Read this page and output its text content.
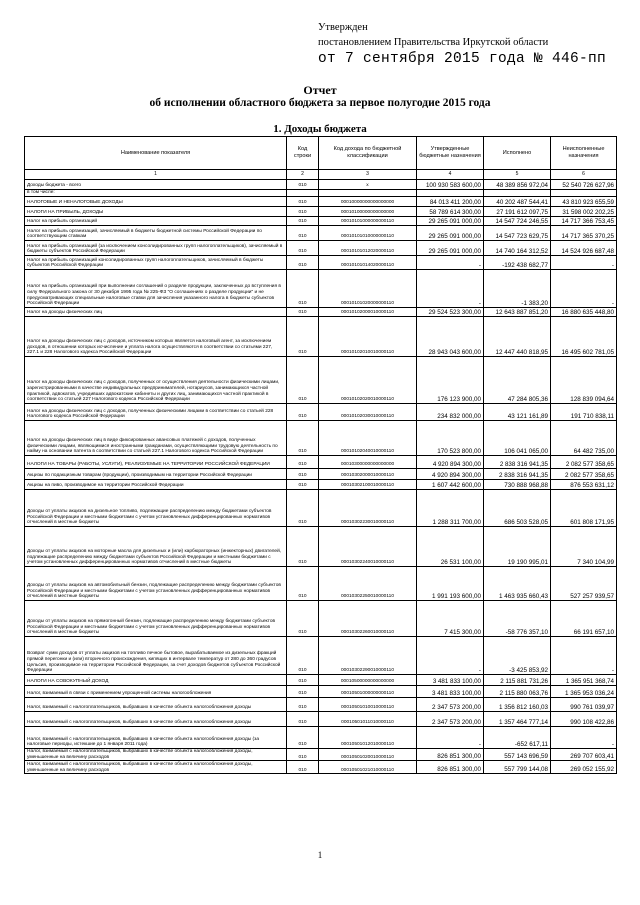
Утвержден
постановлением Правительства Иркутской области
от 7 сентября 2015 года № 446-пп
Отчет
об исполнении областного бюджета за первое полугодие 2015 года
1. Доходы бюджета
Наименование показателя	Код строки	Код дохода по бюджетной классификации	Утвержденные бюджетные назначения	Исполнено	Неисполненные назначения
1	2	3	4	5	6
Доходы бюджета - всего	010	x	100 930 583 600,00	48 389 856 972,04	52 540 726 627,96
в том числе:					
НАЛОГОВЫЕ И НЕНАЛОГОВЫЕ ДОХОДЫ	010	00010000000000000000	84 013 411 200,00	40 202 487 544,41	43 810 923 655,59
НАЛОГИ НА ПРИБЫЛЬ, ДОХОДЫ	010	00010100000000000000	58 789 614 300,00	27 191 612 097,75	31 598 002 202,25
Налог на прибыль организаций	010	00010101000000000110	29 265 091 000,00	14 547 724 246,55	14 717 366 753,45
Налог на прибыль организаций, зачисляемый в бюджеты бюджетной системы Российской Федерации по соответствующим ставкам	010	00010101010000000110	29 265 091 000,00	14 547 723 629,75	14 717 365 370,25
Налог на прибыль организаций (за исключением консолидированных групп налогоплательщиков), зачисляемый в бюджеты субъектов Российской Федерации	010	00010101012020000110	29 265 091 000,00	14 740 164 312,52	14 524 926 687,48
Налог на прибыль организаций консолидированных групп налогоплательщиков, зачисляемый в бюджеты субъектов Российской Федерации	010	00010101014020000110	-	-192 438 682,77	-
Налог на прибыль организаций при выполнении соглашений о разделе продукции, заключенных до вступления в силу Федерального закона от 30 декабря 1995 года № 225-ФЗ "О соглашениях о разделе продукции" и не предусматривающих специальные налоговые ставки для зачисления указанного налога в бюджеты субъектов Российской Федерации	010	00010101020000000110	-	-1 383,20	-
Налог на доходы физических лиц	010	00010102000010000110	29 524 523 300,00	12 643 887 851,20	16 880 635 448,80
Налог на доходы физических лиц с доходов, источником которых является налоговый агент, за исключением доходов, в отношении которых исчисление и уплата налога осуществляются в соответствии со статьями 227, 227.1 и 228 Налогового кодекса Российской Федерации	010	00010102010010000110	28 943 043 600,00	12 447 440 818,95	16 495 602 781,05
Налог на доходы физических лиц с доходов, полученных от осуществления деятельности физическими лицами, зарегистрированными в качестве индивидуальных предпринимателей, нотариусов, занимающихся частной практикой, адвокатов, учредивших адвокатские кабинеты и других лиц, занимающихся частной практикой в соответствии со статьей 227 Налогового кодекса Российской Федерации	010	00010102020010000110	176 123 900,00	47 284 805,36	128 839 094,64
Налог на доходы физических лиц с доходов, полученных физическими лицами в соответствии со статьей 228 Налогового кодекса Российской Федерации	010	00010102030010000110	234 832 000,00	43 121 161,89	191 710 838,11
Налог на доходы физических лиц в виде фиксированных авансовых платежей с доходов, полученных физическими лицами, являющимися иностранными гражданами, осуществляющими трудовую деятельность по найму на основании патента в соответствии со статьей 227.1 Налогового кодекса Российской Федерации	010	00010102040010000110	170 523 800,00	106 041 065,00	64 482 735,00
НАЛОГИ НА ТОВАРЫ (РАБОТЫ, УСЛУГИ), РЕАЛИЗУЕМЫЕ НА ТЕРРИТОРИИ РОССИЙСКОЙ ФЕДЕРАЦИИ	010	00010300000000000000	4 920 894 300,00	2 838 316 941,35	2 082 577 358,65
Акцизы по подакцизным товарам (продукции), производимым на территории Российской Федерации	010	00010302000010000110	4 920 894 300,00	2 838 316 941,35	2 082 577 358,65
Акцизы на пиво, производимое на территории Российской Федерации	010	00010302100010000110	1 607 442 600,00	730 888 968,88	876 553 631,12
Доходы от уплаты акцизов на дизельное топливо, подлежащие распределению между бюджетами субъектов Российской Федерации и местными бюджетами с учетом установленных дифференцированных нормативов отчислений в местные бюджеты	010	00010302230010000110	1 288 311 700,00	686 503 528,05	601 808 171,95
Доходы от уплаты акцизов на моторные масла для дизельных и (или) карбюраторных (инжекторных) двигателей, подлежащие распределению между бюджетами субъектов Российской Федерации и местными бюджетами с учетом установленных дифференцированных нормативов отчислений в местные бюджеты	010	00010302240010000110	26 531 100,00	19 190 995,01	7 340 104,99
Доходы от уплаты акцизов на автомобильный бензин, подлежащие распределению между бюджетами субъектов Российской Федерации и местными бюджетами с учетом установленных дифференцированных нормативов отчислений в местные бюджеты	010	00010302250010000110	1 991 193 600,00	1 463 935 660,43	527 257 939,57
Доходы от уплаты акцизов на прямогонный бензин, подлежащие распределению между бюджетами субъектов Российской Федерации и местными бюджетами с учетом установленных дифференцированных нормативов отчислений в местные бюджеты	010	00010302260010000110	7 415 300,00	-58 776 357,10	66 191 657,10
Возврат сумм доходов от уплаты акцизов на топливо печное бытовое, вырабатываемое из дизельных фракций прямой перегонки и (или) вторичного происхождения, кипящих в интервале температур от 280 до 360 градусов Цельсия, производимое на территории Российской Федерации, за счет доходов бюджетов субъектов Российской Федерации	010	00010302290010000110	-	-3 425 853,92	-
НАЛОГИ НА СОВОКУПНЫЙ ДОХОД	010	00010500000000000000	3 481 833 100,00	2 115 881 731,26	1 365 951 368,74
Налог, взимаемый в связи с применением упрощенной системы налогообложения	010	00010501000000000110	3 481 833 100,00	2 115 880 063,76	1 365 953 036,24
Налог, взимаемый с налогоплательщиков, выбравших в качестве объекта налогообложения доходы	010	00010501010010000110	2 347 573 200,00	1 356 812 160,03	990 761 039,97
Налог, взимаемый с налогоплательщиков, выбравших в качестве объекта налогообложения доходы	010	00010501011010000110	2 347 573 200,00	1 357 464 777,14	990 108 422,86
Налог, взимаемый с налогоплательщиков, выбравших в качестве объекта налогообложения доходы (за налоговые периоды, истекшие до 1 января 2011 года)	010	00010501012010000110	-	-652 617,11	-
Налог, взимаемый с налогоплательщиков, выбравших в качестве объекта налогообложения доходы, уменьшенные на величину расходов	010	00010501020010000110	826 851 300,00	557 143 696,59	269 707 603,41
Налог, взимаемый с налогоплательщиков, выбравших в качестве объекта налогообложения доходы, уменьшенные на величину расходов	010	00010501021010000110	826 851 300,00	557 799 144,08	269 052 155,92
1
